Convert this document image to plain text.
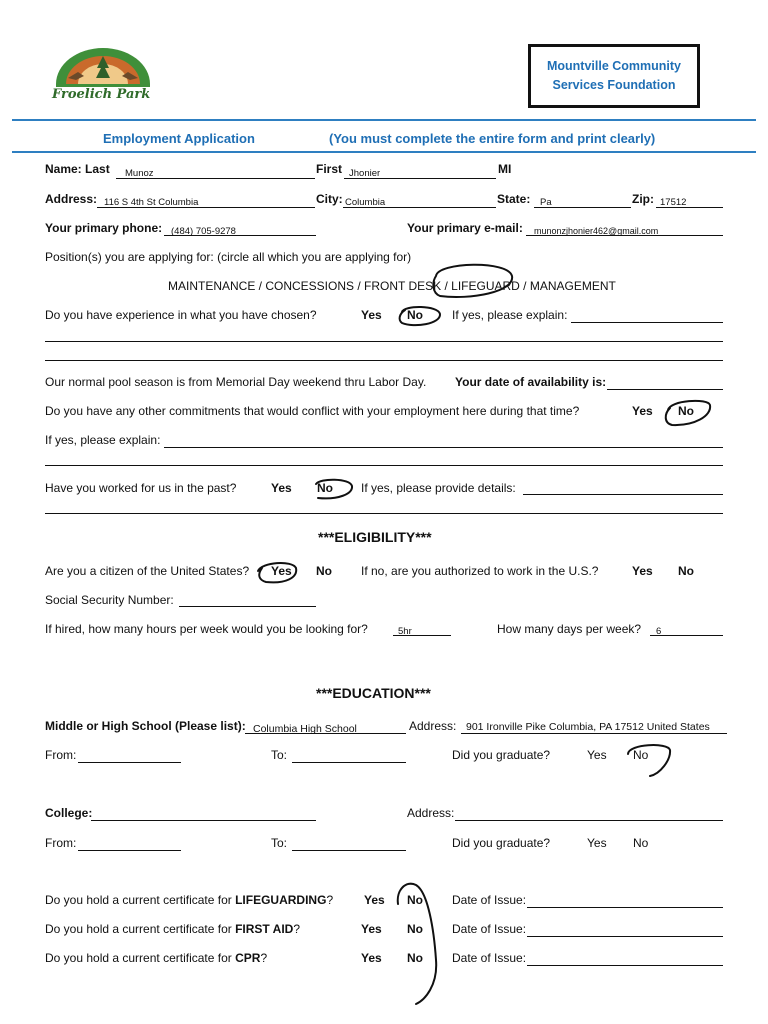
Froelich Park
Mountville Community
Services Foundation
Employment Application	(You must complete the entire form and print clearly)
Name: Last Munoz	First Jhonier	MI
Address: 116 S 4th St Columbia	City: Columbia	State: Pa	Zip: 17512
Your primary phone: (484) 705-9278	Your primary e-mail: munonzjhonier462@gmail.com
Position(s) you are applying for: (circle all which you are applying for)
MAINTENANCE / CONCESSIONS / FRONT DESK / LIFEGUARD / MANAGEMENT
Do you have experience in what you have chosen?	Yes No If yes, please explain:
Our normal pool season is from Memorial Day weekend thru Labor Day. Your date of availability is:
Do you have any other commitments that would conflict with your employment here during that time?	Yes No
If yes, please explain:
Have you worked for us in the past?	Yes No If yes, please provide details:
***ELIGIBILITY***
Are you a citizen of the United States? Yes No If no, are you authorized to work in the U.S.?	Yes No
Social Security Number:
If hired, how many hours per week would you be looking for?	5hr	How many days per week? 6
***EDUCATION***
Middle or High School (Please list): Columbia High School	Address: 901 Ironville Pike Columbia, PA 17512 United States
From:	To:	Did you graduate?	Yes No
College:	Address:
From:	To:	Did you graduate?	Yes No
Do you hold a current certificate for LIFEGUARDING?	Yes No Date of Issue:
Do you hold a current certificate for FIRST AID?	Yes No Date of Issue:
Do you hold a current certificate for CPR?	Yes No Date of Issue:
